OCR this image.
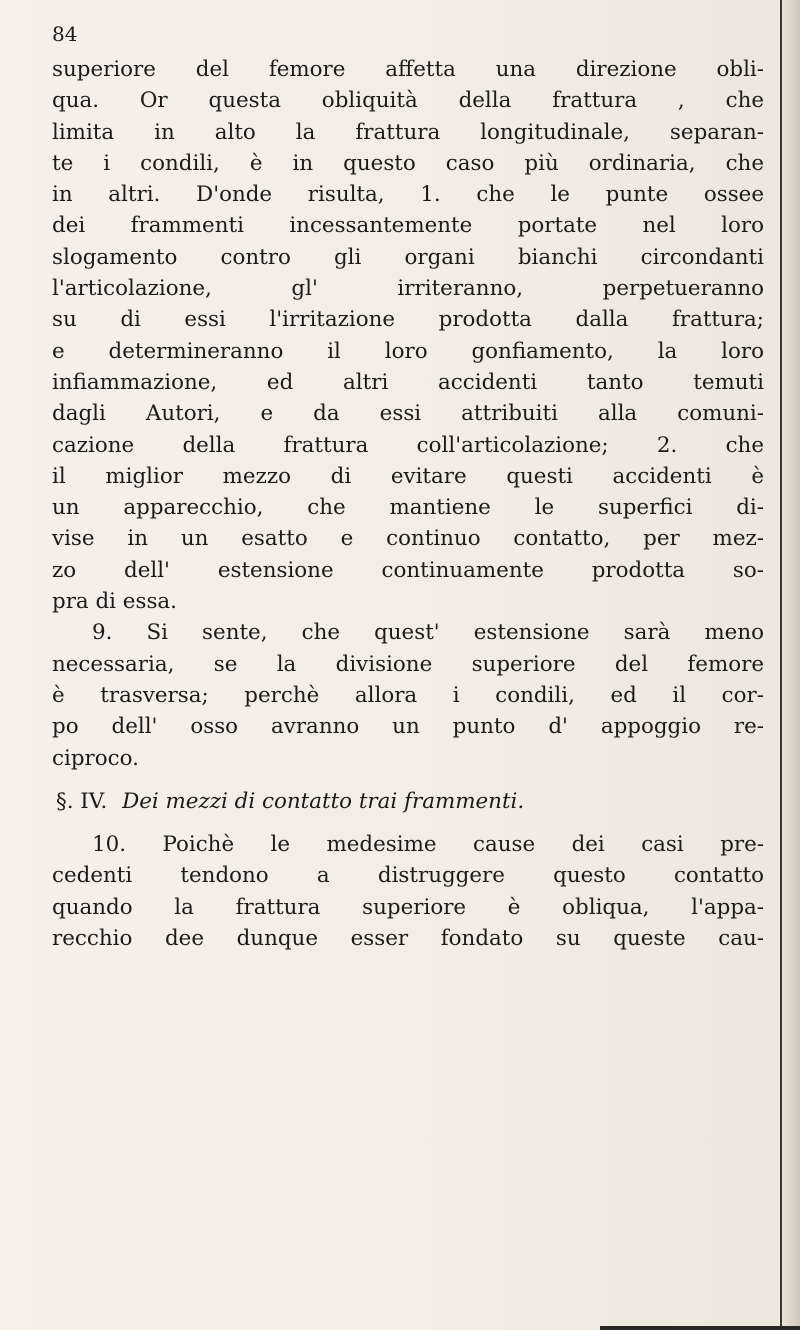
84
superiore del femore affetta una direzione obli-
qua. Or questa obliquità della frattura , che
limita in alto la frattura longitudinale, separan-
te i condili, è in questo caso più ordinaria, che
in altri. D'onde risulta, 1. che le punte ossee
dei frammenti incessantemente portate nel loro
slogamento contro gli organi bianchi circondanti
l'articolazione, gl' irriteranno, perpetueranno
su di essi l'irritazione prodotta dalla frattura;
e determineranno il loro gonfiamento, la loro
infiammazione, ed altri accidenti tanto temuti
dagli Autori, e da essi attribuiti alla comuni-
cazione della frattura coll'articolazione; 2. che
il miglior mezzo di evitare questi accidenti è
un apparecchio, che mantiene le superfici di-
vise in un esatto e continuo contatto, per mez-
zo dell' estensione continuamente prodotta so-
pra di essa.
9. Si sente, che quest' estensione sarà meno
necessaria, se la divisione superiore del femore
è trasversa; perchè allora i condili, ed il cor-
po dell' osso avranno un punto d' appoggio re-
ciproco.
§. IV. Dei mezzi di contatto trai frammenti.
10. Poichè le medesime cause dei casi pre-
cedenti tendono a distruggere questo contatto
quando la frattura superiore è obliqua, l'appa-
recchio dee dunque esser fondato su queste cau-
